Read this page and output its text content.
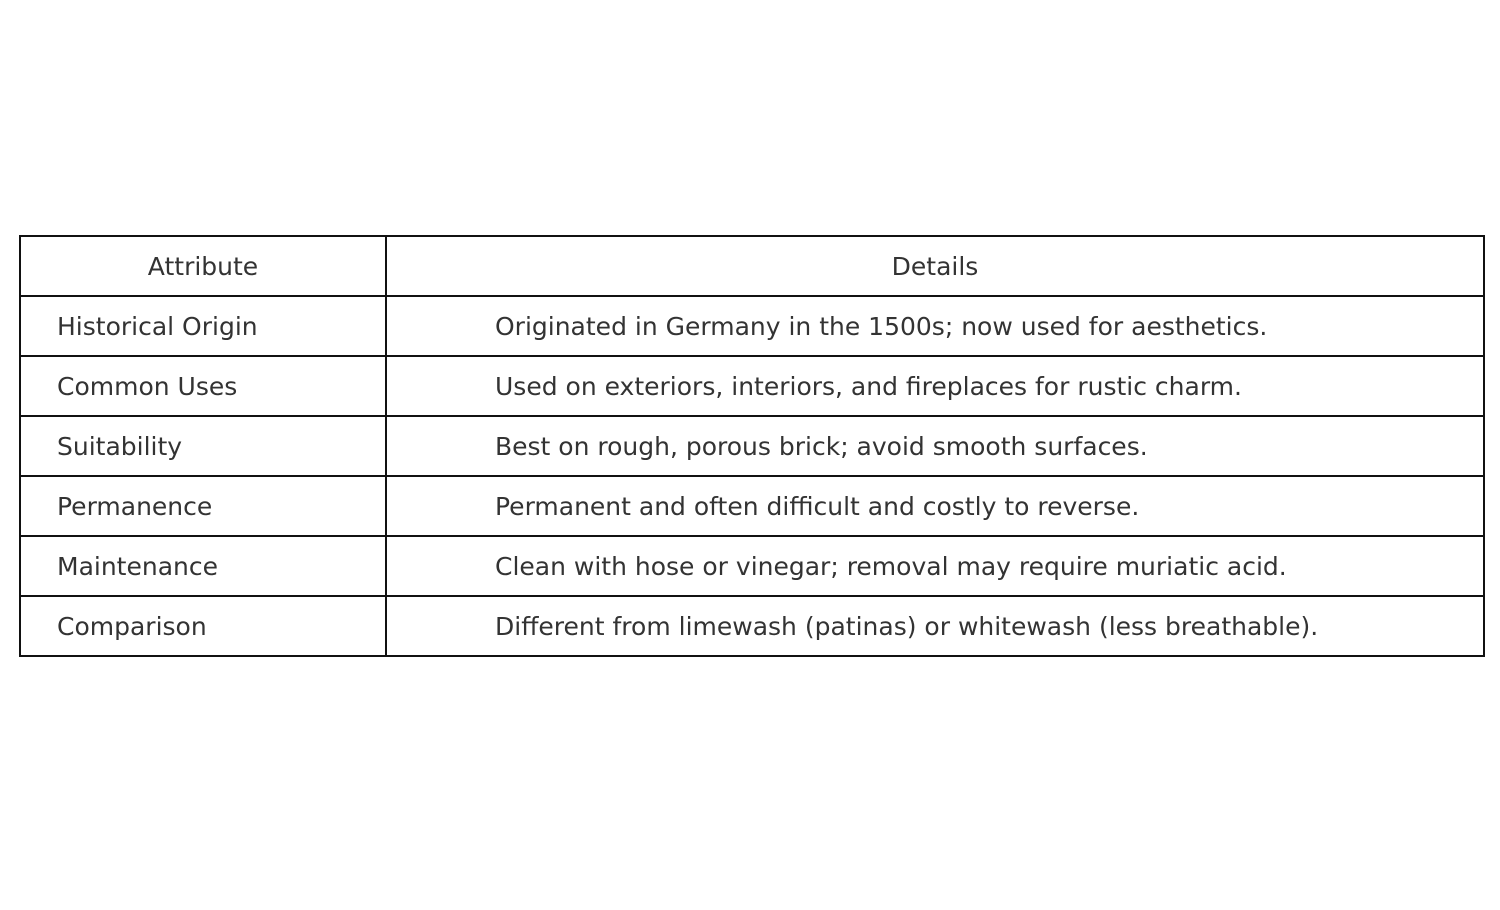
Attribute	Details
Historical Origin	Originated in Germany in the 1500s; now used for aesthetics.
Common Uses	Used on exteriors, interiors, and fireplaces for rustic charm.
Suitability	Best on rough, porous brick; avoid smooth surfaces.
Permanence	Permanent and often difficult and costly to reverse.
Maintenance	Clean with hose or vinegar; removal may require muriatic acid.
Comparison	Different from limewash (patinas) or whitewash (less breathable).
